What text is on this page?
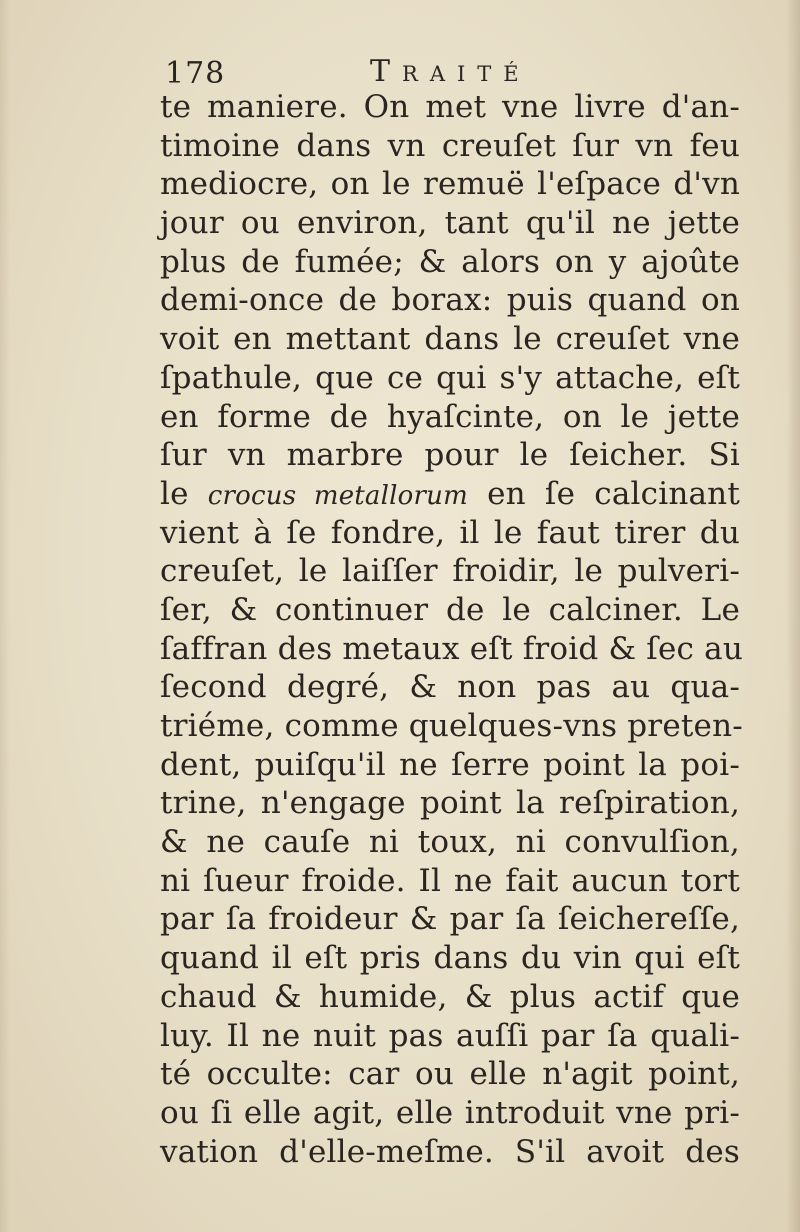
178	Traité
te maniere. On met vne livre d'an-
timoine dans vn creuſet ſur vn feu
mediocre, on le remuë l'eſpace d'vn
jour ou environ, tant qu'il ne jette
plus de fumée; & alors on y ajoûte
demi-once de borax: puis quand on
voit en mettant dans le creuſet vne
ſpathule, que ce qui s'y attache, eſt
en forme de hyaſcinte, on le jette
ſur vn marbre pour le ſeicher. Si
le crocus metallorum en ſe calcinant
vient à ſe fondre, il le faut tirer du
creuſet, le laiſſer froidir, le pulveri-
ſer, & continuer de le calciner. Le
ſaffran des metaux eſt froid & ſec au
ſecond degré, & non pas au qua-
triéme, comme quelques-vns preten-
dent, puiſqu'il ne ſerre point la poi-
trine, n'engage point la reſpiration,
& ne cauſe ni toux, ni convulſion,
ni ſueur froide. Il ne fait aucun tort
par ſa froideur & par ſa ſeichereſſe,
quand il eſt pris dans du vin qui eſt
chaud & humide, & plus actif que
luy. Il ne nuit pas auſſi par ſa quali-
té occulte: car ou elle n'agit point,
ou ſi elle agit, elle introduit vne pri-
vation d'elle-meſme. S'il avoit des
